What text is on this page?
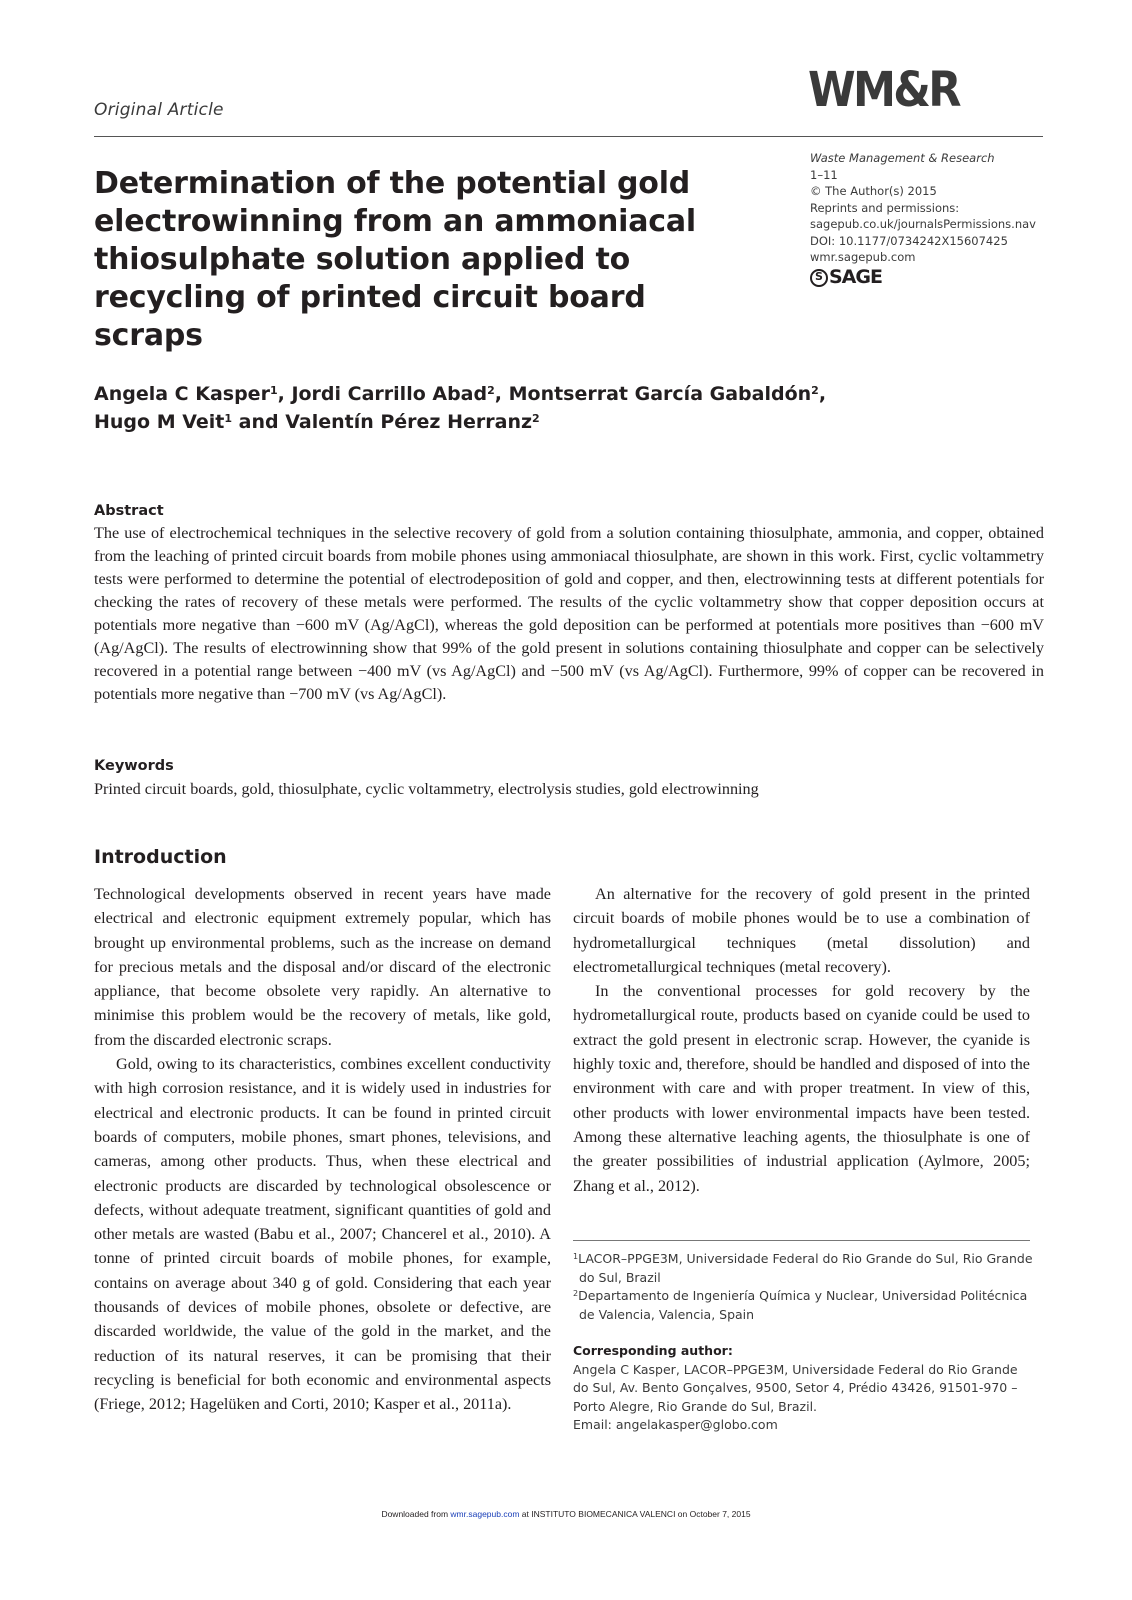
Original Article	WM&R
Determination of the potential gold electrowinning from an ammoniacal thiosulphate solution applied to recycling of printed circuit board scraps
Waste Management & Research
1–11
© The Author(s) 2015
Reprints and permissions:
sagepub.co.uk/journalsPermissions.nav
DOI: 10.1177/0734242X15607425
wmr.sagepub.com
S SAGE
Angela C Kasper$^1$, Jordi Carrillo Abad$^2$, Montserrat García Gabaldón$^2$,
Hugo M Veit$^1$ and Valentín Pérez Herranz$^2$
Abstract

The use of electrochemical techniques in the selective recovery of gold from a solution containing thiosulphate, ammonia, and copper, obtained from the leaching of printed circuit boards from mobile phones using ammoniacal thiosulphate, are shown in this work. First, cyclic voltammetry tests were performed to determine the potential of electrodeposition of gold and copper, and then, electrowinning tests at different potentials for checking the rates of recovery of these metals were performed. The results of the cyclic voltammetry show that copper deposition occurs at potentials more negative than −600 mV (Ag/AgCl), whereas the gold deposition can be performed at potentials more positives than −600 mV (Ag/AgCl). The results of electrowinning show that 99% of the gold present in solutions containing thiosulphate and copper can be selectively recovered in a potential range between −400 mV (vs Ag/AgCl) and −500 mV (vs Ag/AgCl). Furthermore, 99% of copper can be recovered in potentials more negative than −700 mV (vs Ag/AgCl).

Keywords

Printed circuit boards, gold, thiosulphate, cyclic voltammetry, electrolysis studies, gold electrowinning

Introduction

Technological developments observed in recent years have made electrical and electronic equipment extremely popular, which has brought up environmental problems, such as the increase on demand for precious metals and the disposal and/or discard of the electronic appliance, that become obsolete very rapidly. An alternative to minimise this problem would be the recovery of metals, like gold, from the discarded electronic scraps.

Gold, owing to its characteristics, combines excellent conductivity with high corrosion resistance, and it is widely used in industries for electrical and electronic products. It can be found in printed circuit boards of computers, mobile phones, smart phones, televisions, and cameras, among other products. Thus, when these electrical and electronic products are discarded by technological obsolescence or defects, without adequate treatment, significant quantities of gold and other metals are wasted (Babu et al., 2007; Chancerel et al., 2010). A tonne of printed circuit boards of mobile phones, for example, contains on average about 340 g of gold. Considering that each year thousands of devices of mobile phones, obsolete or defective, are discarded worldwide, the value of the gold in the market, and the reduction of its natural reserves, it can be promising that their recycling is beneficial for both economic and environmental aspects (Friege, 2012; Hagelüken and Corti, 2010; Kasper et al., 2011a).

An alternative for the recovery of gold present in the printed circuit boards of mobile phones would be to use a combination of hydrometallurgical techniques (metal dissolution) and electrometallurgical techniques (metal recovery).

In the conventional processes for gold recovery by the hydrometallurgical route, products based on cyanide could be used to extract the gold present in electronic scrap. However, the cyanide is highly toxic and, therefore, should be handled and disposed of into the environment with care and with proper treatment. In view of this, other products with lower environmental impacts have been tested. Among these alternative leaching agents, the thiosulphate is one of the greater possibilities of industrial application (Aylmore, 2005; Zhang et al., 2012).

$^1$LACOR–PPGE3M, Universidade Federal do Rio Grande do Sul, Rio Grande do Sul, Brazil
$^2$Departamento de Ingeniería Química y Nuclear, Universidad Politécnica de Valencia, Valencia, Spain
Corresponding author:
Angela C Kasper, LACOR–PPGE3M, Universidade Federal do Rio Grande do Sul, Av. Bento Gonçalves, 9500, Setor 4, Prédio 43426, 91501-970 – Porto Alegre, Rio Grande do Sul, Brazil.
Email: angelakasper@globo.com
Downloaded from wmr.sagepub.com at INSTITUTO BIOMECANICA VALENCI on October 7, 2015
